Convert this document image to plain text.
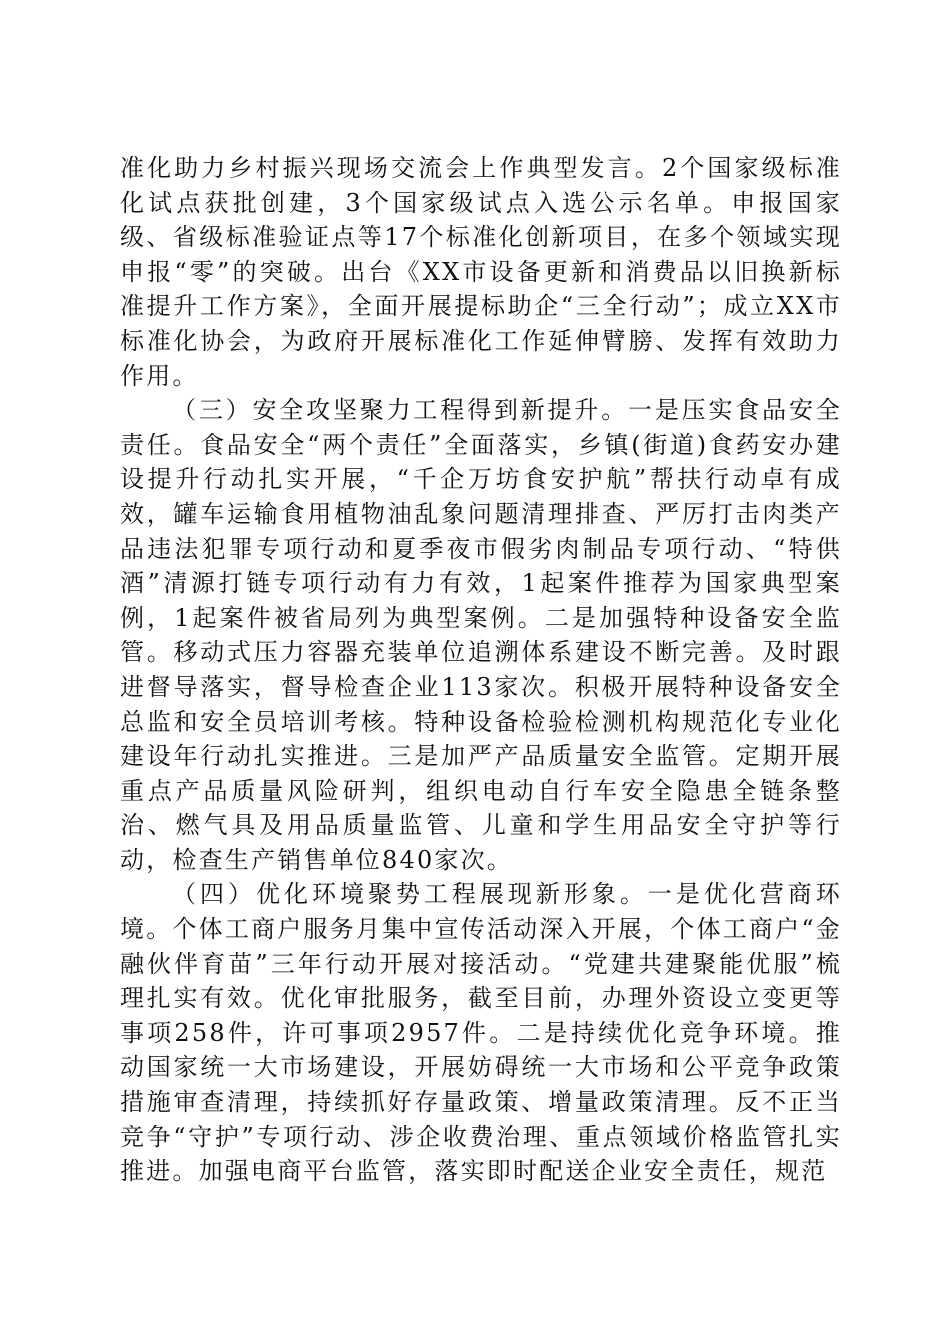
准化助力乡村振兴现场交流会上作典型发言。2个国家级标准化试点获批创建，3个国家级试点入选公示名单。申报国家级、省级标准验证点等17个标准化创新项目，在多个领域实现申报“零”的突破。出台《XX市设备更新和消费品以旧换新标准提升工作方案》，全面开展提标助企“三全行动”；成立XX市标准化协会，为政府开展标准化工作延伸臂膀、发挥有效助力作用。

（三）安全攻坚聚力工程得到新提升。一是压实食品安全责任。食品安全“两个责任”全面落实，乡镇(街道)食药安办建设提升行动扎实开展，“千企万坊食安护航”帮扶行动卓有成效，罐车运输食用植物油乱象问题清理排查、严厉打击肉类产品违法犯罪专项行动和夏季夜市假劣肉制品专项行动、“特供酒”清源打链专项行动有力有效，1起案件推荐为国家典型案例，1起案件被省局列为典型案例。二是加强特种设备安全监管。移动式压力容器充装单位追溯体系建设不断完善。及时跟进督导落实，督导检查企业113家次。积极开展特种设备安全总监和安全员培训考核。特种设备检验检测机构规范化专业化建设年行动扎实推进。三是加严产品质量安全监管。定期开展重点产品质量风险研判，组织电动自行车安全隐患全链条整治、燃气具及用品质量监管、儿童和学生用品安全守护等行动，检查生产销售单位840家次。

（四）优化环境聚势工程展现新形象。一是优化营商环境。个体工商户服务月集中宣传活动深入开展，个体工商户“金融伙伴育苗”三年行动开展对接活动。“党建共建聚能优服”梳理扎实有效。优化审批服务，截至目前，办理外资设立变更等事项258件，许可事项2957件。二是持续优化竞争环境。推动国家统一大市场建设，开展妨碍统一大市场和公平竞争政策措施审查清理，持续抓好存量政策、增量政策清理。反不正当竞争“守护”专项行动、涉企收费治理、重点领域价格监管扎实推进。加强电商平台监管，落实即时配送企业安全责任，规范
